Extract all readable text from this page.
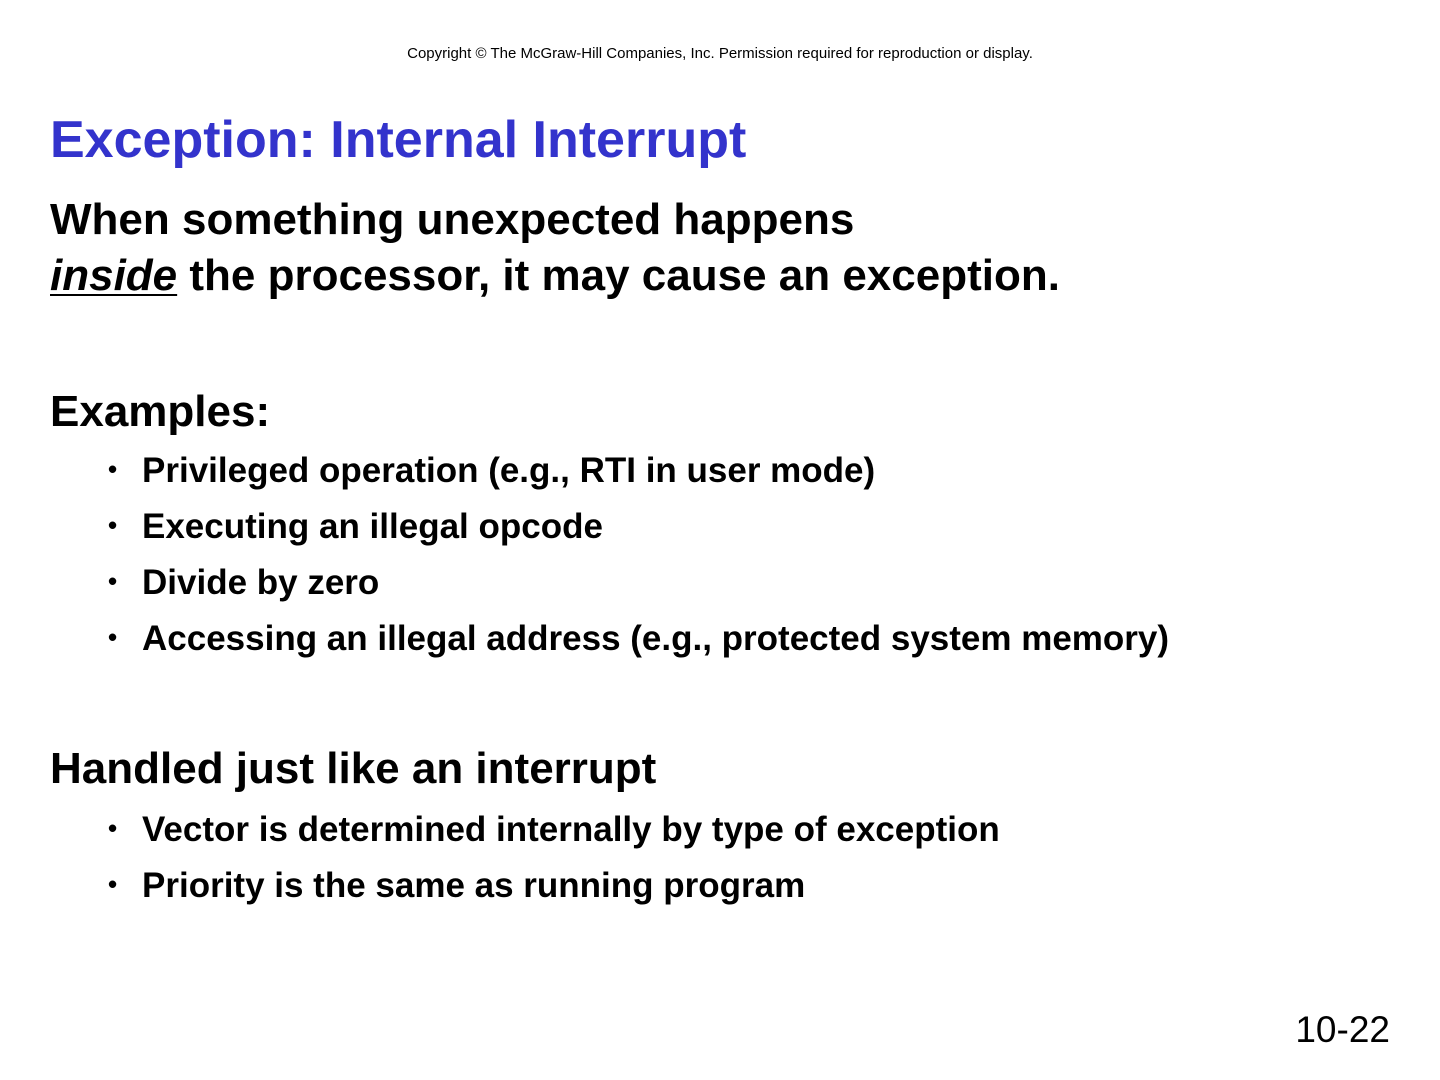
Copyright © The McGraw-Hill Companies, Inc. Permission required for reproduction or display.
Exception: Internal Interrupt

When something unexpected happens
inside the processor, it may cause an exception.

Examples:

• Privileged operation (e.g., RTI in user mode)
• Executing an illegal opcode
• Divide by zero
• Accessing an illegal address (e.g., protected system memory)

Handled just like an interrupt

• Vector is determined internally by type of exception
• Priority is the same as running program
10-22
